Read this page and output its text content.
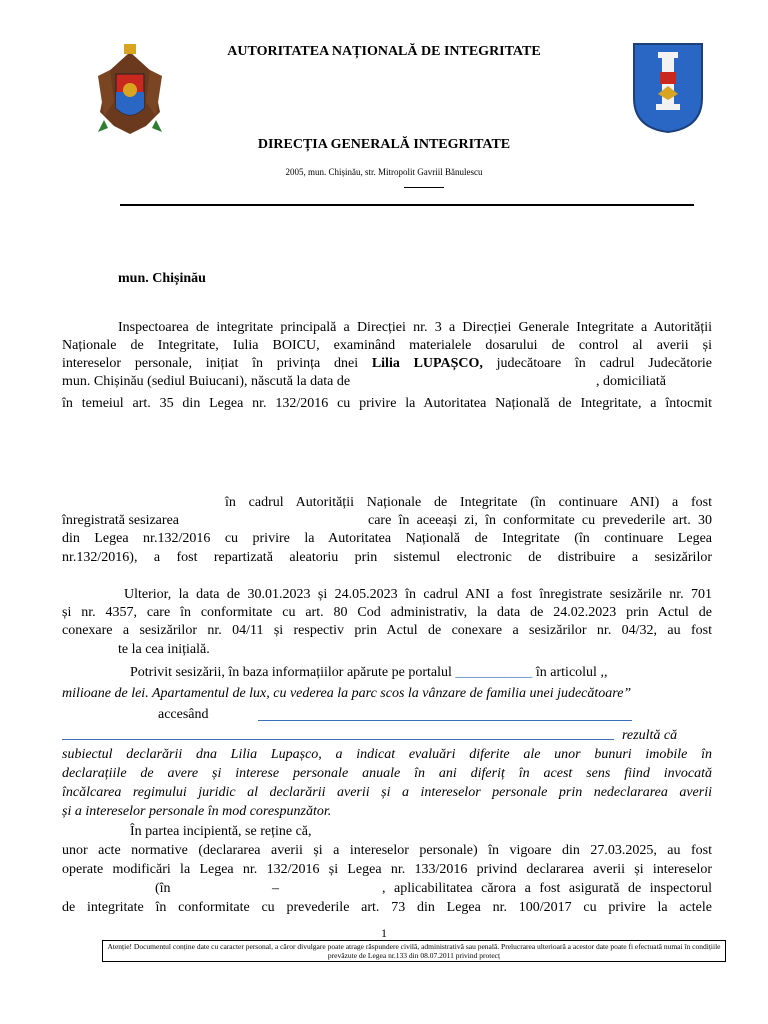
AUTORITATEA NAȚIONALĂ DE INTEGRITATE
DIRECȚIA GENERALĂ INTEGRITATE
2005, mun. Chișinău, str. Mitropolit Gavriil Bănulescu
mun. Chișinău
Inspectoarea de integritate principală a Direcției nr. 3 a Direcției Generale Integritate a Autorității
Naționale de Integritate, Iulia BOICU, examinând materialele dosarului de control al averii și
intereselor personale, inițiat în privința dnei Lilia LUPAȘCO, judecătoare în cadrul Judecătorie
mun. Chișinău (sediul Buiucani), născută la data de	, domiciliată
în temeiul art. 35 din Legea nr. 132/2016 cu privire la Autoritatea Națională de Integritate, a întocmit
în cadrul Autorității Naționale de Integritate (în continuare ANI) a fost
înregistrată sesizarea	care în aceeași zi, în conformitate cu prevederile art. 30
din Legea nr.132/2016 cu privire la Autoritatea Națională de Integritate (în continuare Legea
nr.132/2016), a fost repartizată aleatoriu prin sistemul electronic de distribuire a sesizărilor
Ulterior, la data de 30.01.2023 și 24.05.2023 în cadrul ANI a fost înregistrate sesizările nr. 701
și nr. 4357, care în conformitate cu art. 80 Cod administrativ, la data de 24.02.2023 prin Actul de
conexare a sesizărilor nr. 04/11 și respectiv prin Actul de conexare a sesizărilor nr. 04/32, au fost
te la cea inițială.
Potrivit sesizării, în baza informațiilor apărute pe portalul ___________ în articolul ,,
milioane de lei. Apartamentul de lux, cu vederea la parc scos la vânzare de familia unei judecătoare”
accesând
rezultă că
subiectul declarării dna Lilia Lupașco, a indicat evaluări diferite ale unor bunuri imobile în
declarațiile de avere și interese personale anuale în ani diferiț în acest sens fiind invocată
încălcarea regimului juridic al declarării averii și a intereselor personale prin nedeclararea averii
și a intereselor personale în mod corespunzător.
În partea incipientă, se reține că,
unor acte normative (declararea averii și a intereselor personale) în vigoare din 27.03.2025, au fost
operate modificări la Legea nr. 132/2016 și Legea nr. 133/2016 privind declararea averii și intereselor
(în	–	, aplicabilitatea cărora a fost asigurată de inspectorul
de integritate în conformitate cu prevederile art. 73 din Legea nr. 100/2017 cu privire la actele
1
Atenție! Documentul conține date cu caracter personal, a căror divulgare poate atrage răspundere civilă, administrativă sau penală. Prelucrarea ulterioară a acestor date poate fi efectuată numai în condițiile prevăzute de Legea nr.133 din 08.07.2011 privind protecț
